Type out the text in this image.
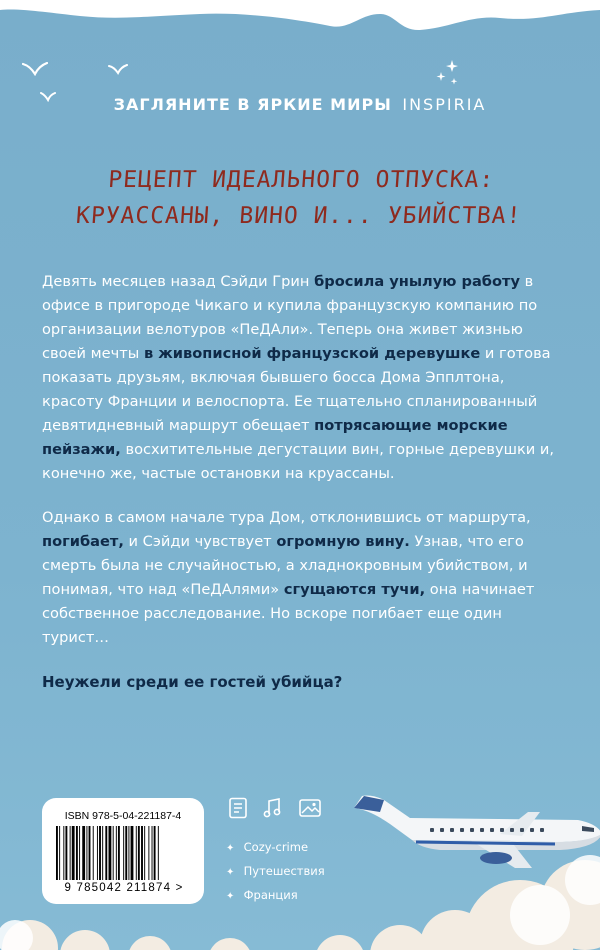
ЗАГЛЯНИТЕ В ЯРКИЕ МИРЫ INSPIRIA
РЕЦЕПТ ИДЕАЛЬНОГО ОТПУСКА:
КРУАССАНЫ, ВИНО И... УБИЙСТВА!

Девять месяцев назад Сэйди Грин бросила унылую работу в офисе в пригороде Чикаго и купила французскую компанию по организации велотуров «ПеДАли». Теперь она живет жизнью своей мечты в живописной французской деревушке и готова показать друзьям, включая бывшего босса Дома Эпплтона, красоту Франции и велоспорта. Ее тщательно спланированный девятидневный маршрут обещает потрясающие морские пейзажи, восхитительные дегустации вин, горные деревушки и, конечно же, частые остановки на круассаны.

Однако в самом начале тура Дом, отклонившись от маршрута, погибает, и Сэйди чувствует огромную вину. Узнав, что его смерть была не случайностью, а хладнокровным убийством, и понимая, что над «ПеДАлями» сгущаются тучи, она начинает собственное расследование. Но вскоре погибает еще один турист…

Неужели среди ее гостей убийца?

ISBN 978-5-04-221187-4
9 785042 211874 >
✦ Cozy-crime
✦ Путешествия
✦ Франция
